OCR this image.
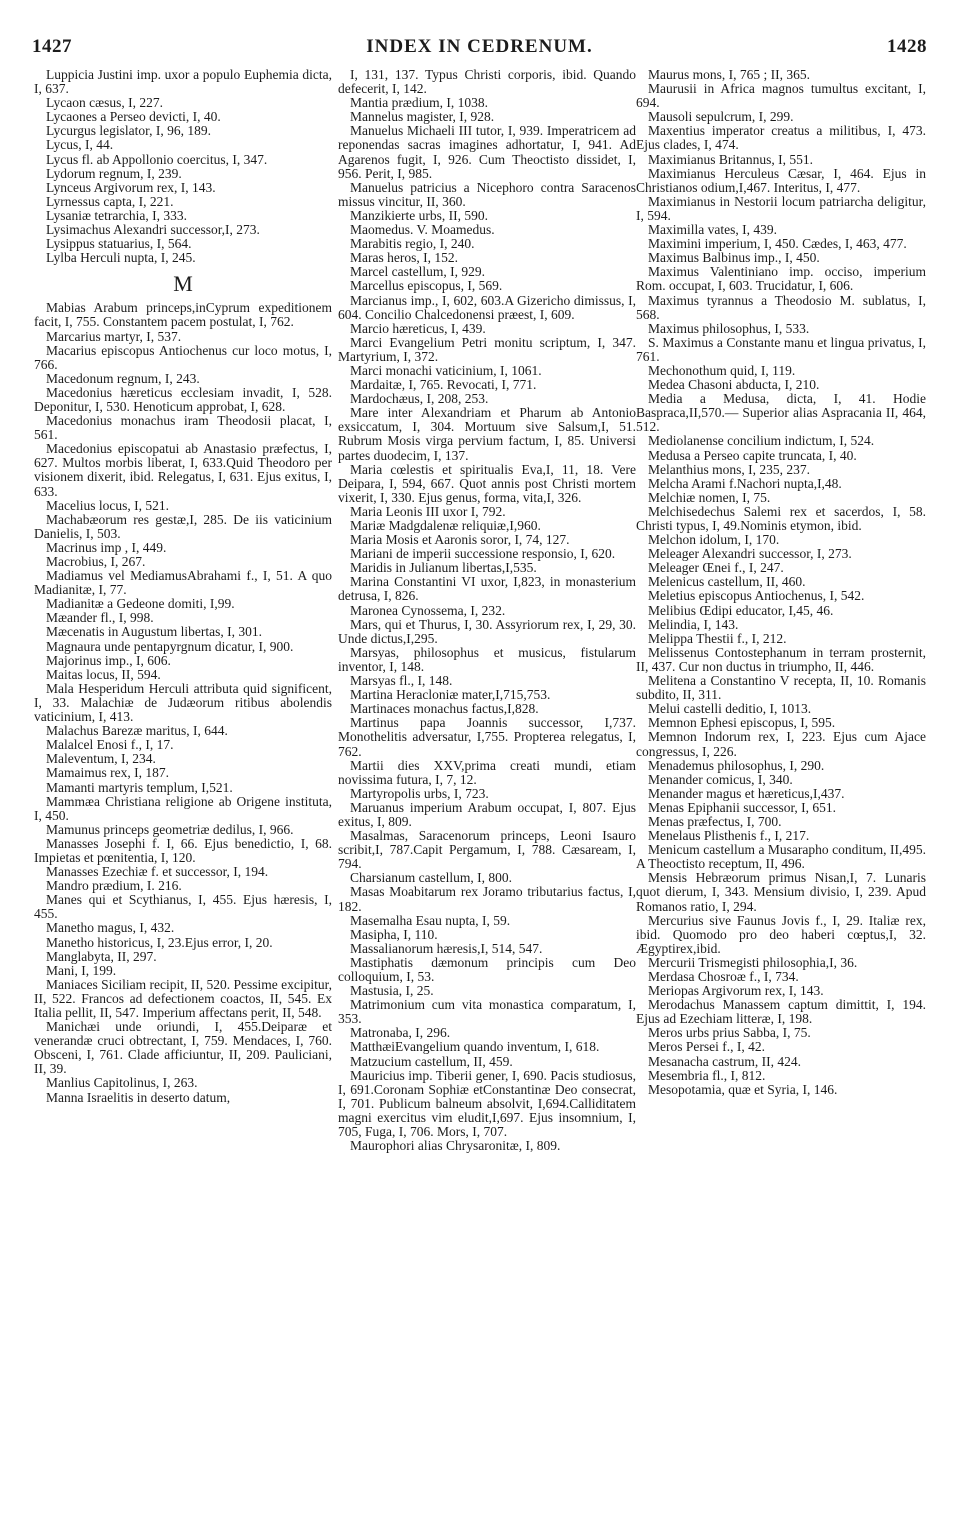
1427	INDEX IN CEDRENUM.	1428

Luppicia Justini imp. uxor a populo Euphemia dicta, I, 637.

Lycaon cæsus, I, 227.

Lycaones a Perseo devicti, I, 40.

Lycurgus legislator, I, 96, 189.

Lycus, I, 44.

Lycus fl. ab Appollonio coercitus, I, 347.

Lydorum regnum, I, 239.

Lynceus Argivorum rex, I, 143.

Lyrnessus capta, I, 221.

Lysaniæ tetrarchia, I, 333.

Lysimachus Alexandri successor,I, 273.

Lysippus statuarius, I, 564.

Lylba Herculi nupta, I, 245.

M

Mabias Arabum princeps,inCyprum expeditionem facit, I, 755. Constantem pacem postulat, I, 762.

Marcarius martyr, I, 537.

Macarius episcopus Antiochenus cur loco motus, I, 766.

Macedonum regnum, I, 243.

Macedonius hæreticus ecclesiam invadit, I, 528. Deponitur, I, 530. Henoticum approbat, I, 628.

Macedonius monachus iram Theodosii placat, I, 561.

Macedonius episcopatui ab Anastasio præfectus, I, 627. Multos morbis liberat, I, 633.Quid Theodoro per visionem dixerit, ibid. Relegatus, I, 631. Ejus exitus, I, 633.

Macelius locus, I, 521.

Machabæorum res gestæ,I, 285. De iis vaticinium Danielis, I, 503.

Macrinus imp , I, 449.

Macrobius, I, 267.

Madiamus vel MediamusAbrahami f., I, 51. A quo Madianitæ, I, 77.

Madianitæ a Gedeone domiti, I,99.

Mæander fl., I, 998.

Mæcenatis in Augustum libertas, I, 301.

Magnaura unde pentapyrgnum dicatur, I, 900.

Majorinus imp., I, 606.

Maitas locus, II, 594.

Mala Hesperidum Herculi attributa quid significent, I, 33. Malachiæ de Judæorum ritibus abolendis vaticinium, I, 413.

Malachus Barezæ maritus, I, 644.

Malalcel Enosi f., I, 17.

Maleventum, I, 234.

Mamaimus rex, I, 187.

Mamanti martyris templum, I,521.

Mammæa Christiana religione ab Origene instituta, I, 450.

Mamunus princeps geometriæ dedilus, I, 966.

Manasses Josephi f. I, 66. Ejus benedictio, I, 68. Impietas et pœnitentia, I, 120.

Manasses Ezechiæ f. et successor, I, 194.

Mandro prædium, I. 216.

Manes qui et Scythianus, I, 455. Ejus hæresis, I, 455.

Manetho magus, I, 432.

Manetho historicus, I, 23.Ejus error, I, 20.

Manglabyta, II, 297.

Mani, I, 199.

Maniaces Siciliam recipit, II, 520. Pessime excipitur, II, 522. Francos ad defectionem coactos, II, 545. Ex Italia pellit, II, 547. Imperium affectans perit, II, 548.

Manichæi unde oriundi, I, 455.Deiparæ et venerandæ cruci obtrectant, I, 759. Mendaces, I, 760. Obsceni, I, 761. Clade afficiuntur, II, 209. Pauliciani, II, 39.

Manlius Capitolinus, I, 263.

Manna Israelitis in deserto datum,

I, 131, 137. Typus Christi corporis, ibid. Quando defecerit, I, 142.

Mantia prædium, I, 1038.

Mannelus magister, I, 928.

Manuelus Michaeli III tutor, I, 939. Imperatricem ad reponendas sacras imagines adhortatur, I, 941. Ad Agarenos fugit, I, 926. Cum Theoctisto dissidet, I, 956. Perit, I, 985.

Manuelus patricius a Nicephoro contra Saracenos missus vincitur, II, 360.

Manzikierte urbs, II, 590.

Maomedus. V. Moamedus.

Marabitis regio, I, 240.

Maras heros, I, 152.

Marcel castellum, I, 929.

Marcellus episcopus, I, 569.

Marcianus imp., I, 602, 603.A Gizericho dimissus, I, 604. Concilio Chalcedonensi præest, I, 609.

Marcio hæreticus, I, 439.

Marci Evangelium Petri monitu scriptum, I, 347. Martyrium, I, 372.

Marci monachi vaticinium, I, 1061.

Mardaitæ, I, 765. Revocati, I, 771.

Mardochæus, I, 208, 253.

Mare inter Alexandriam et Pharum ab Antonio exsiccatum, I, 304. Mortuum sive Salsum,I, 51. Rubrum Mosis virga pervium factum, I, 85. Universi partes duodecim, I, 137.

Maria cœlestis et spiritualis Eva,I, 11, 18. Vere Deipara, I, 594, 667. Quot annis post Christi mortem vixerit, I, 330. Ejus genus, forma, vita,I, 326.

Maria Leonis III uxor I, 792.

Mariæ Madgdalenæ reliquiæ,I,960.

Maria Mosis et Aaronis soror, I, 74, 127.

Mariani de imperii successione responsio, I, 620.

Maridis in Julianum libertas,I,535.

Marina Constantini VI uxor, I,823, in monasterium detrusa, I, 826.

Maronea Cynossema, I, 232.

Mars, qui et Thurus, I, 30. Assyriorum rex, I, 29, 30. Unde dictus,I,295.

Marsyas, philosophus et musicus, fistularum inventor, I, 148.

Marsyas fl., I, 148.

Martina Heracloniæ mater,I,715,753.

Martinaces monachus factus,I,828.

Martinus papa Joannis successor, I,737. Monothelitis adversatur, I,755. Propterea relegatus, I, 762.

Martii dies XXV,prima creati mundi, etiam novissima futura, I, 7, 12.

Martyropolis urbs, I, 723.

Maruanus imperium Arabum occupat, I, 807. Ejus exitus, I, 809.

Masalmas, Saracenorum princeps, Leoni Isauro scribit,I, 787.Capit Pergamum, I, 788. Cæsaream, I, 794.

Charsianum castellum, I, 800.

Masas Moabitarum rex Joramo tributarius factus, I, 182.

Masemalha Esau nupta, I, 59.

Masipha, I, 110.

Massalianorum hæresis,I, 514, 547.

Mastiphatis dæmonum principis cum Deo colloquium, I, 53.

Mastusia, I, 25.

Matrimonium cum vita monastica comparatum, I, 353.

Matronaba, I, 296.

MatthæiEvangelium quando inventum, I, 618.

Matzucium castellum, II, 459.

Mauricius imp. Tiberii gener, I, 690. Pacis studiosus, I, 691.Coronam Sophiæ etConstantinæ Deo consecrat, I, 701. Publicum balneum absolvit, I,694.Calliditatem magni exercitus vim eludit,I,697. Ejus insomnium, I, 705, Fuga, I, 706. Mors, I, 707.

Maurophori alias Chrysaronitæ, I, 809.

Maurus mons, I, 765 ; II, 365.

Maurusii in Africa magnos tumultus excitant, I, 694.

Mausoli sepulcrum, I, 299.

Maxentius imperator creatus a militibus, I, 473. Ejus clades, I, 474.

Maximianus Britannus, I, 551.

Maximianus Herculeus Cæsar, I, 464. Ejus in Christianos odium,I,467. Interitus, I, 477.

Maximianus in Nestorii locum patriarcha deligitur, I, 594.

Maximilla vates, I, 439.

Maximini imperium, I, 450. Cædes, I, 463, 477.

Maximus Balbinus imp., I, 450.

Maximus Valentiniano imp. occiso, imperium Rom. occupat, I, 603. Trucidatur, I, 606.

Maximus tyrannus a Theodosio M. sublatus, I, 568.

Maximus philosophus, I, 533.

S. Maximus a Constante manu et lingua privatus, I, 761.

Mechonothum quid, I, 119.

Medea Chasoni abducta, I, 210.

Media a Medusa, dicta, I, 41. Hodie Baspraca,II,570.— Superior alias Aspracania II, 464, 512.

Mediolanense concilium indictum, I, 524.

Medusa a Perseo capite truncata, I, 40.

Melanthius mons, I, 235, 237.

Melcha Arami f.Nachori nupta,I,48.

Melchiæ nomen, I, 75.

Melchisedechus Salemi rex et sacerdos, I, 58. Christi typus, I, 49.Nominis etymon, ibid.

Melchon idolum, I, 170.

Meleager Alexandri successor, I, 273.

Meleager Œnei f., I, 247.

Melenicus castellum, II, 460.

Meletius episcopus Antiochenus, I, 542.

Melibius Œdipi educator, I,45, 46.

Melindia, I, 143.

Melippa Thestii f., I, 212.

Melissenus Contostephanum in terram prosternit, II, 437. Cur non ductus in triumpho, II, 446.

Melitena a Constantino V recepta, II, 10. Romanis subdito, II, 311.

Melui castelli deditio, I, 1013.

Memnon Ephesi episcopus, I, 595.

Memnon Indorum rex, I, 223. Ejus cum Ajace congressus, I, 226.

Menademus philosophus, I, 290.

Menander comicus, I, 340.

Menander magus et hæreticus,I,437.

Menas Epiphanii successor, I, 651.

Menas præfectus, I, 700.

Menelaus Plisthenis f., I, 217.

Menicum castellum a Musarapho conditum, II,495. A Theoctisto receptum, II, 496.

Mensis Hebræorum primus Nisan,I, 7. Lunaris quot dierum, I, 343. Mensium divisio, I, 239. Apud Romanos ratio, I, 294.

Mercurius sive Faunus Jovis f., I, 29. Italiæ rex, ibid. Quomodo pro deo haberi cœptus,I, 32. Ægyptirex,ibid.

Mercurii Trismegisti philosophia,I, 36.

Merdasa Chosroæ f., I, 734.

Meriopas Argivorum rex, I, 143.

Merodachus Manassem captum dimittit, I, 194. Ejus ad Ezechiam litteræ, I, 198.

Meros urbs prius Sabba, I, 75.

Meros Persei f., I, 42.

Mesanacha castrum, II, 424.

Mesembria fl., I, 812.

Mesopotamia, quæ et Syria, I, 146.
